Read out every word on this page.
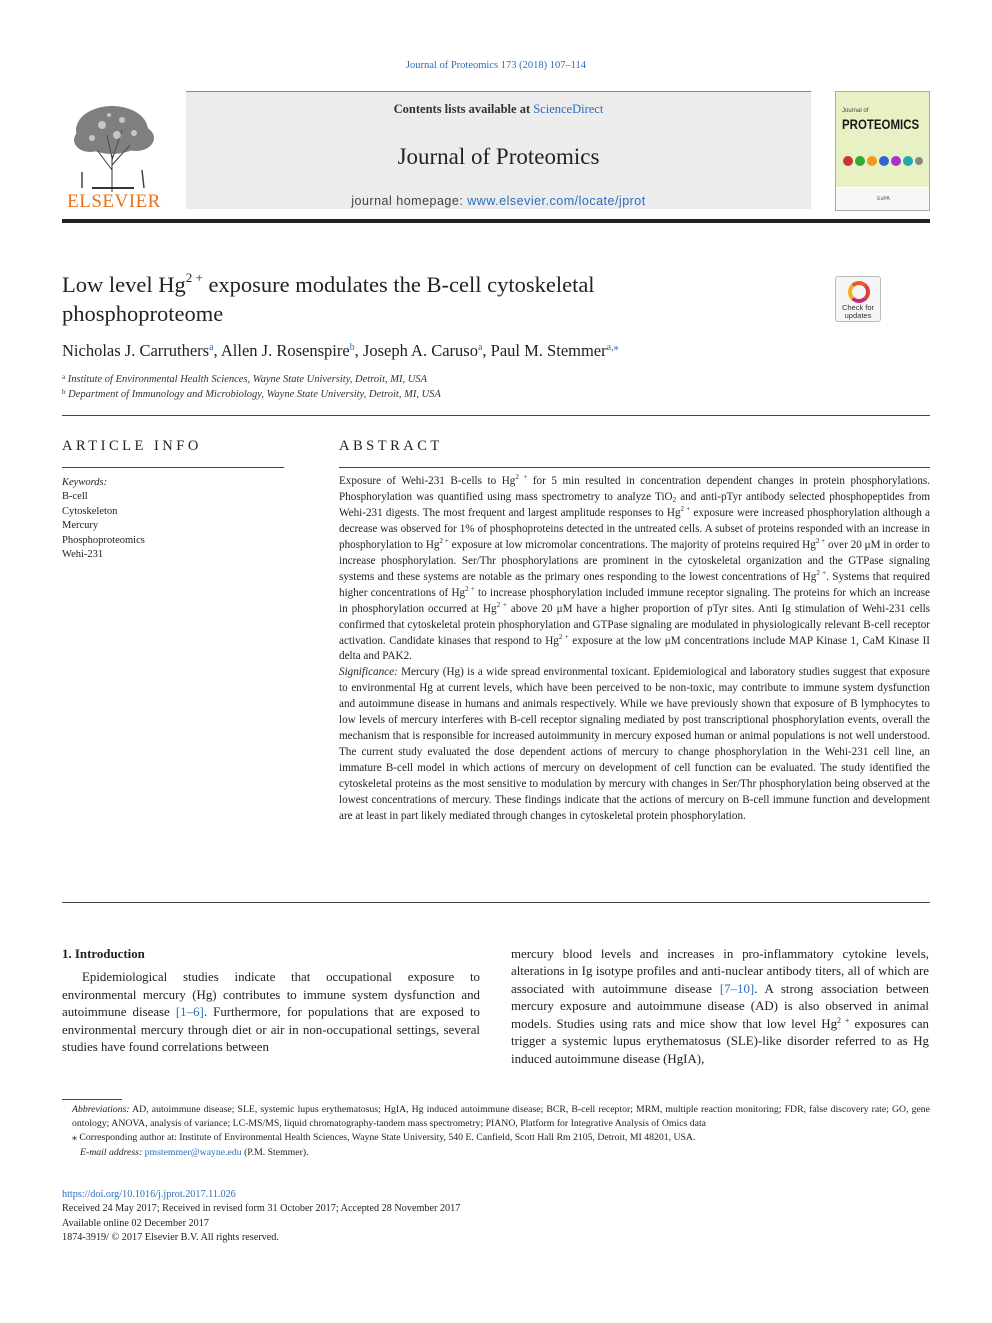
Journal of Proteomics 173 (2018) 107–114
ELSEVIER
Contents lists available at ScienceDirect
Journal of Proteomics
journal homepage: www.elsevier.com/locate/jprot
Journal of
PROTEOMICS
EuPA
Low level $Hg^{2 +}$ exposure modulates the B-cell cytoskeletal
phosphoproteome	Check for
updates
Nicholas J. Carruthers$^a$, Allen J. Rosenspire$^b$, Joseph A. Caruso$^a$, Paul M. Stemmer$^{a,⁎}$
$^a$ Institute of Environmental Health Sciences, Wayne State University, Detroit, MI, USA
$^b$ Department of Immunology and Microbiology, Wayne State University, Detroit, MI, USA
ARTICLE INFO	ABSTRACT
Keywords:
B-cell
Cytoskeleton
Mercury
Phosphoproteomics
Wehi-231

Exposure of Wehi-231 B-cells to $Hg^{2 +}$ for 5 min resulted in concentration dependent changes in protein phosphorylations. Phosphorylation was quantified using mass spectrometry to analyze TiO$_2$ and anti-pTyr antibody selected phosphopeptides from Wehi-231 digests. The most frequent and largest amplitude responses to $Hg^{2 +}$ exposure were increased phosphorylation although a decrease was observed for 1% of phosphoproteins detected in the untreated cells. A subset of proteins responded with an increase in phosphorylation to $Hg^{2 +}$ exposure at low micromolar concentrations. The majority of proteins required $Hg^{2 +}$ over 20 μM in order to increase phosphorylation. Ser/Thr phosphorylations are prominent in the cytoskeletal organization and the GTPase signaling systems and these systems are notable as the primary ones responding to the lowest concentrations of $Hg^{2 +}$. Systems that required higher concentrations of $Hg^{2 +}$ to increase phosphorylation included immune receptor signaling. The proteins for which an increase in phosphorylation occurred at $Hg^{2 +}$ above 20 μM have a higher proportion of pTyr sites. Anti Ig stimulation of Wehi-231 cells confirmed that cytoskeletal protein phosphorylation and GTPase signaling are modulated in physiologically relevant B-cell receptor activation. Candidate kinases that respond to $Hg^{2 +}$ exposure at the low μM concentrations include MAP Kinase 1, CaM Kinase II delta and PAK2.

Significance: Mercury (Hg) is a wide spread environmental toxicant. Epidemiological and laboratory studies suggest that exposure to environmental Hg at current levels, which have been perceived to be non-toxic, may contribute to immune system dysfunction and autoimmune disease in humans and animals respectively. While we have previously shown that exposure of B lymphocytes to low levels of mercury interferes with B-cell receptor signaling mediated by post transcriptional phosphorylation events, overall the mechanism that is responsible for increased autoimmunity in mercury exposed human or animal populations is not well understood. The current study evaluated the dose dependent actions of mercury to change phosphorylation in the Wehi-231 cell line, an immature B-cell model in which actions of mercury on development of cell function can be evaluated. The study identified the cytoskeletal proteins as the most sensitive to modulation by mercury with changes in Ser/Thr phosphorylation being observed at the lowest concentrations of mercury. These findings indicate that the actions of mercury on B-cell immune function and development are at least in part likely mediated through changes in cytoskeletal protein phosphorylation.

1. Introduction

Epidemiological studies indicate that occupational exposure to environmental mercury (Hg) contributes to immune system dysfunction and autoimmune disease [1–6]. Furthermore, for populations that are exposed to environmental mercury through diet or air in non-occupational settings, several studies have found correlations between

mercury blood levels and increases in pro-inflammatory cytokine levels, alterations in Ig isotype profiles and anti-nuclear antibody titers, all of which are associated with autoimmune disease [7–10]. A strong association between mercury exposure and autoimmune disease (AD) is also observed in animal models. Studies using rats and mice show that low level $Hg^{2 +}$ exposures can trigger a systemic lupus erythematosus (SLE)-like disorder referred to as Hg induced autoimmune disease (HgIA),

Abbreviations: AD, autoimmune disease; SLE, systemic lupus erythematosus; HgIA, Hg induced autoimmune disease; BCR, B-cell receptor; MRM, multiple reaction monitoring; FDR, false discovery rate; GO, gene ontology; ANOVA, analysis of variance; LC-MS/MS, liquid chromatography-tandem mass spectrometry; PIANO, Platform for Integrative Analysis of Omics data
⁎ Corresponding author at: Institute of Environmental Health Sciences, Wayne State University, 540 E. Canfield, Scott Hall Rm 2105, Detroit, MI 48201, USA.
E-mail address: pmstemmer@wayne.edu (P.M. Stemmer).
https://doi.org/10.1016/j.jprot.2017.11.026
Received 24 May 2017; Received in revised form 31 October 2017; Accepted 28 November 2017
Available online 02 December 2017
1874-3919/ © 2017 Elsevier B.V. All rights reserved.
